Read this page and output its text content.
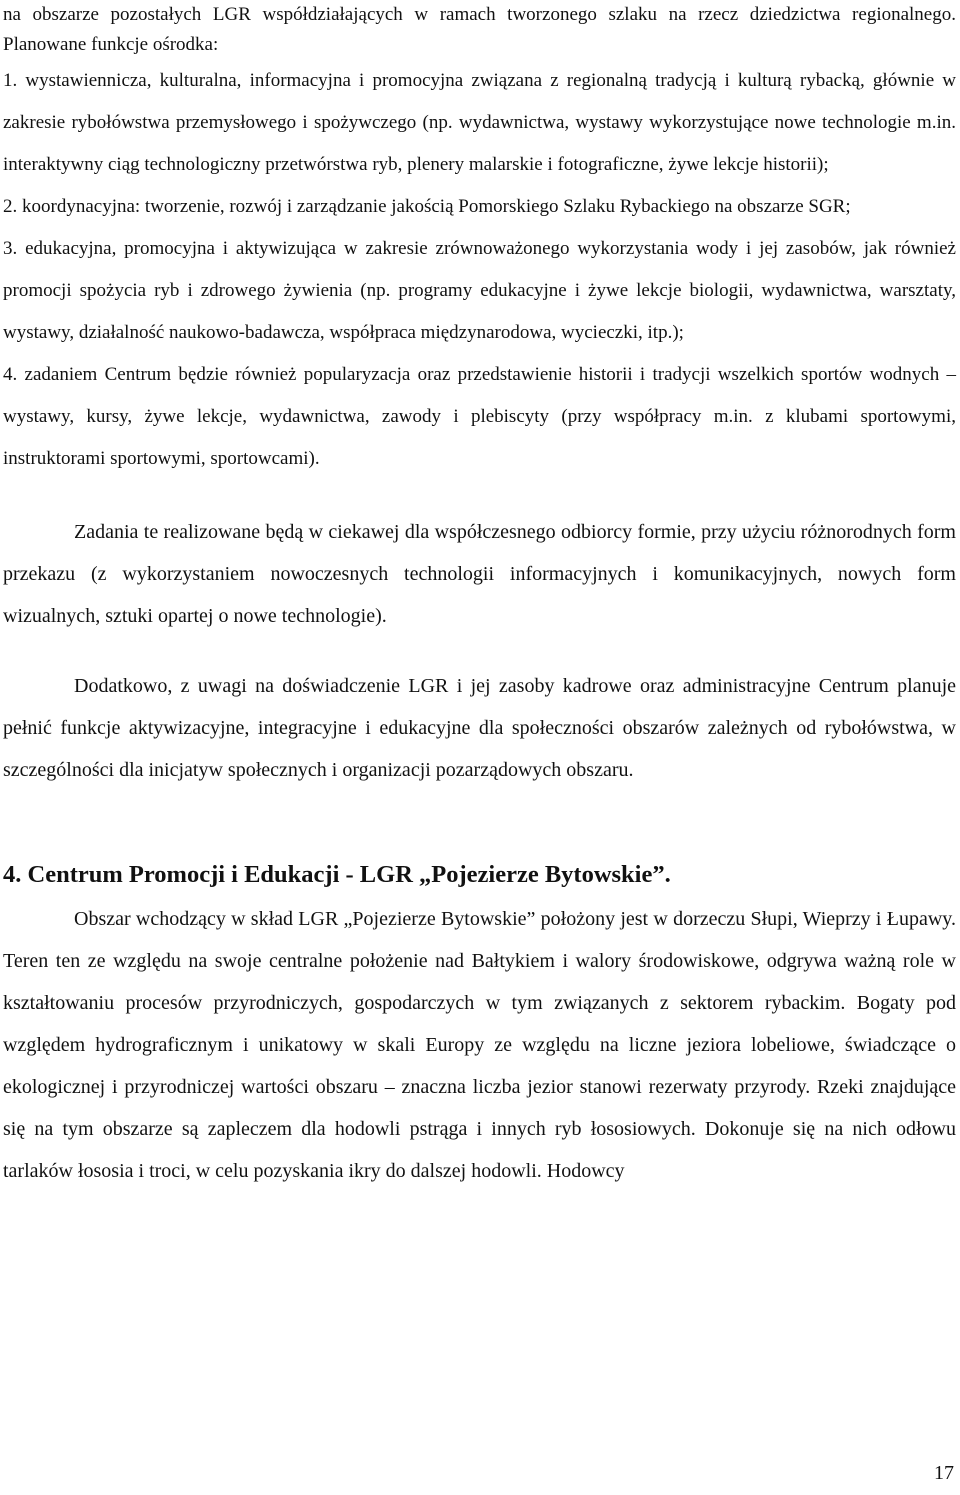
na obszarze pozostałych LGR współdziałających w ramach tworzonego szlaku na rzecz dziedzictwa regionalnego. Planowane funkcje ośrodka:

1. wystawiennicza, kulturalna, informacyjna i promocyjna związana z regionalną tradycją i kulturą rybacką, głównie w zakresie rybołówstwa przemysłowego i spożywczego (np. wydawnictwa, wystawy wykorzystujące nowe technologie m.in. interaktywny ciąg technologiczny przetwórstwa ryb, plenery malarskie i fotograficzne, żywe lekcje historii);
2. koordynacyjna: tworzenie, rozwój i zarządzanie jakością Pomorskiego Szlaku Rybackiego na obszarze SGR;
3. edukacyjna, promocyjna i aktywizująca w zakresie zrównoważonego wykorzystania wody i jej zasobów, jak również promocji spożycia ryb i zdrowego żywienia (np. programy edukacyjne i żywe lekcje biologii, wydawnictwa, warsztaty, wystawy, działalność naukowo-badawcza, współpraca międzynarodowa, wycieczki, itp.);
4. zadaniem Centrum będzie również popularyzacja oraz przedstawienie historii i tradycji wszelkich sportów wodnych – wystawy, kursy, żywe lekcje, wydawnictwa, zawody i plebiscyty (przy współpracy m.in. z klubami sportowymi, instruktorami sportowymi, sportowcami).

Zadania te realizowane będą w ciekawej dla współczesnego odbiorcy formie, przy użyciu różnorodnych form przekazu (z wykorzystaniem nowoczesnych technologii informacyjnych i komunikacyjnych, nowych form wizualnych, sztuki opartej o nowe technologie).

Dodatkowo, z uwagi na doświadczenie LGR i jej zasoby kadrowe oraz administracyjne Centrum planuje pełnić funkcje aktywizacyjne, integracyjne i edukacyjne dla społeczności obszarów zależnych od rybołówstwa, w szczególności dla inicjatyw społecznych i organizacji pozarządowych obszaru.

4. Centrum Promocji i Edukacji - LGR „Pojezierze Bytowskie”.

Obszar wchodzący w skład LGR „Pojezierze Bytowskie” położony jest w dorzeczu Słupi, Wieprzy i Łupawy. Teren ten ze względu na swoje centralne położenie nad Bałtykiem i walory środowiskowe, odgrywa ważną role w kształtowaniu procesów przyrodniczych, gospodarczych w tym związanych z sektorem rybackim. Bogaty pod względem hydrograficznym i unikatowy w skali Europy ze względu na liczne jeziora lobeliowe, świadczące o ekologicznej i przyrodniczej wartości obszaru – znaczna liczba jezior stanowi rezerwaty przyrody. Rzeki znajdujące się na tym obszarze są zapleczem dla hodowli pstrąga i innych ryb łososiowych. Dokonuje się na nich odłowu tarlaków łososia i troci, w celu pozyskania ikry do dalszej hodowli. Hodowcy

17
